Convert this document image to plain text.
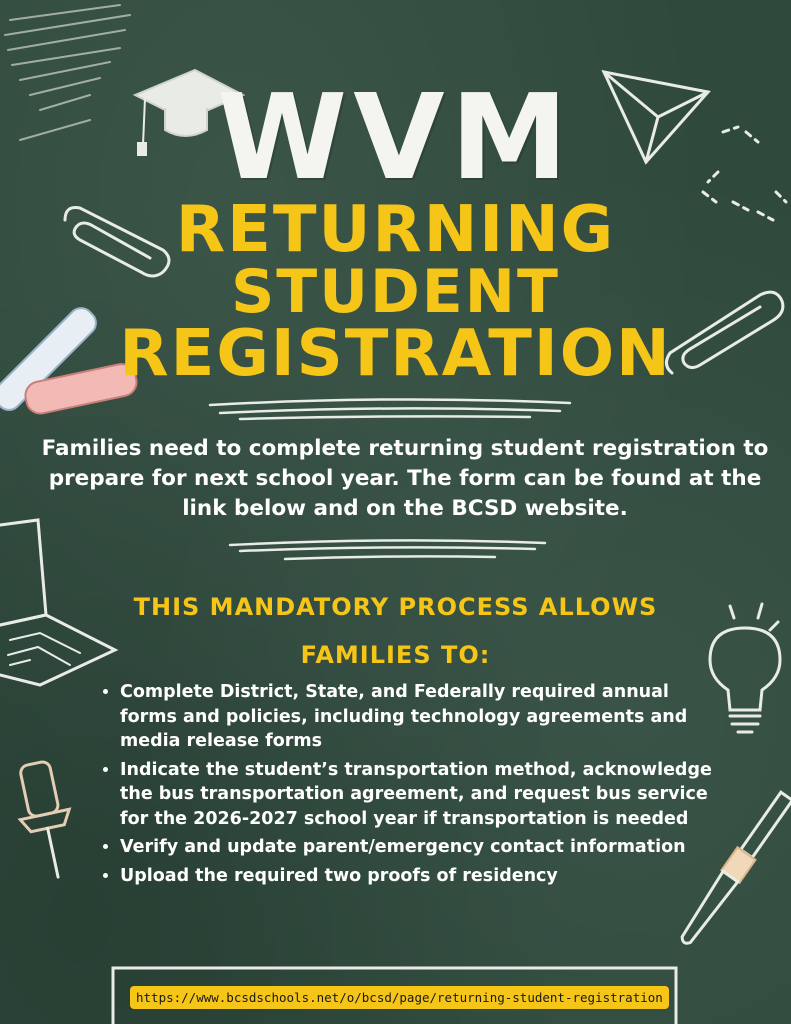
WVM
RETURNING
STUDENT
REGISTRATION
Families need to complete returning student registration to prepare for next school year. The form can be found at the link below and on the BCSD website.
THIS MANDATORY PROCESS ALLOWS
FAMILIES TO:
• Complete District, State, and Federally required annual forms and policies, including technology agreements and media release forms
• Indicate the student’s transportation method, acknowledge the bus transportation agreement, and request bus service for the 2026-2027 school year if transportation is needed
• Verify and update parent/emergency contact information
• Upload the required two proofs of residency
https://www.bcsdschools.net/o/bcsd/page/returning-student-registration
